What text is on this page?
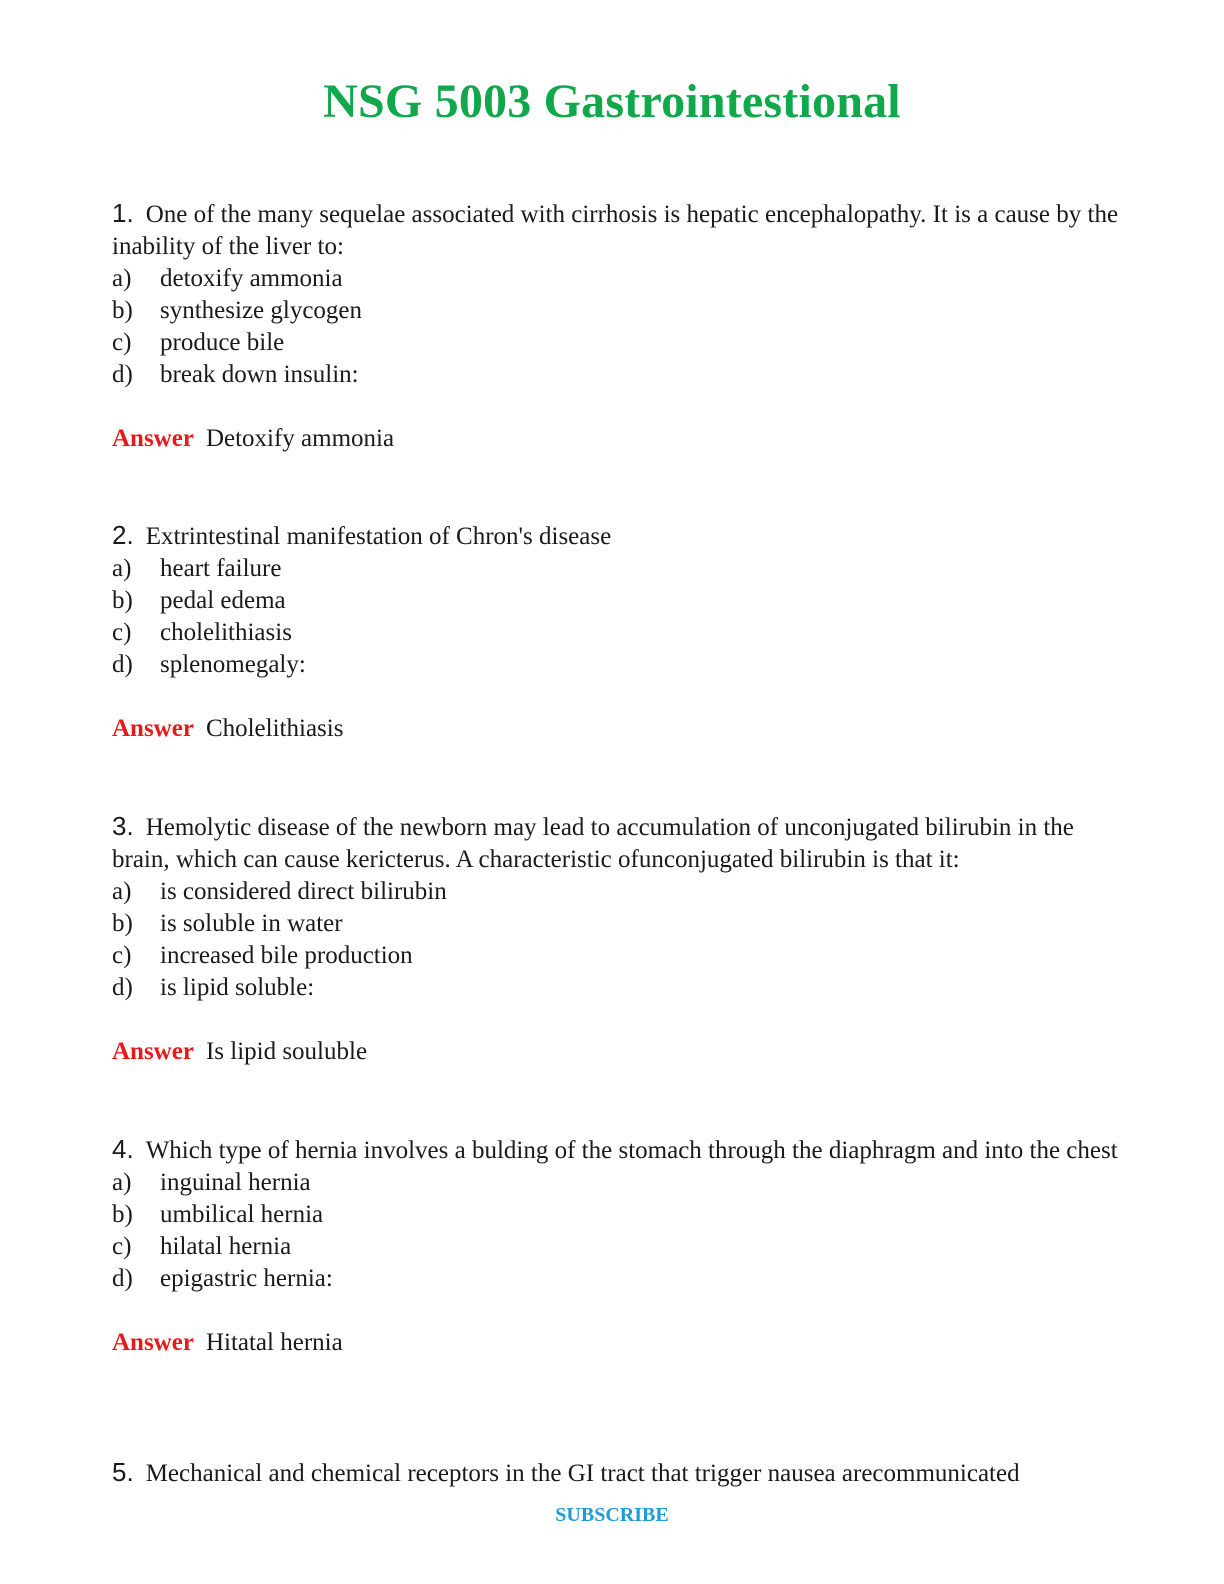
NSG 5003 Gastrointestional

1. One of the many sequelae associated with cirrhosis is hepatic encephalopathy. It is a cause by the inability of the liver to:

a)	detoxify ammonia
b)	synthesize glycogen
c)	produce bile
d)	break down insulin:
Answer Detoxify ammonia

2. Extrintestinal manifestation of Chron's disease

a)	heart failure
b)	pedal edema
c)	cholelithiasis
d)	splenomegaly:
Answer Cholelithiasis

3. Hemolytic disease of the newborn may lead to accumulation of unconjugated bilirubin in the brain, which can cause kericterus. A characteristic ofunconjugated bilirubin is that it:

a)	is considered direct bilirubin
b)	is soluble in water
c)	increased bile production
d)	is lipid soluble:
Answer Is lipid souluble

4. Which type of hernia involves a bulding of the stomach through the diaphragm and into the chest

a)	inguinal hernia
b)	umbilical hernia
c)	hilatal hernia
d)	epigastric hernia:
Answer Hitatal hernia

5. Mechanical and chemical receptors in the GI tract that trigger nausea arecommunicated

SUBSCRIBE
